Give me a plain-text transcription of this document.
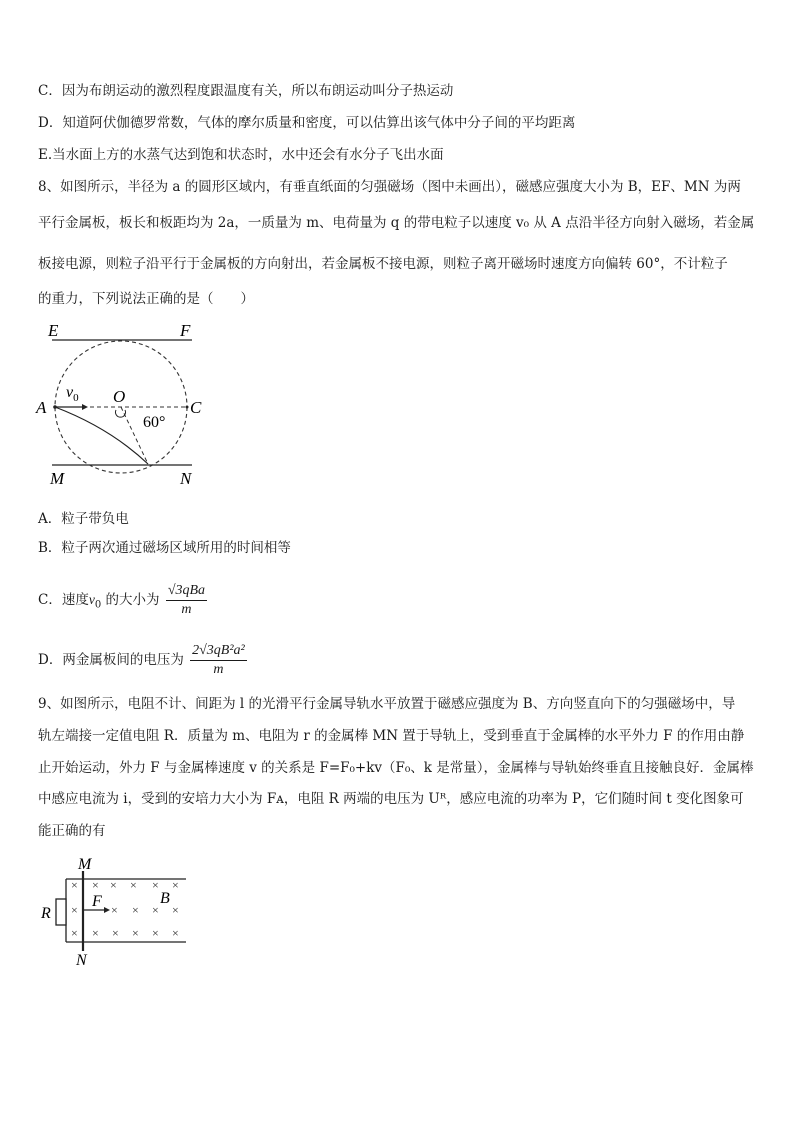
C．因为布朗运动的激烈程度跟温度有关，所以布朗运动叫分子热运动
D．知道阿伏伽德罗常数，气体的摩尔质量和密度，可以估算出该气体中分子间的平均距离
E.当水面上方的水蒸气达到饱和状态时，水中还会有水分子飞出水面
8、如图所示，半径为 a 的圆形区域内，有垂直纸面的匀强磁场（图中未画出），磁感应强度大小为 B，EF、MN 为两
平行金属板，板长和板距均为 2a，一质量为 m、电荷量为 q 的带电粒子以速度 v₀ 从 A 点沿半径方向射入磁场，若金属
板接电源，则粒子沿平行于金属板的方向射出，若金属板不接电源，则粒子离开磁场时速度方向偏转 60°，不计粒子
的重力，下列说法正确的是（　　）
E	F
A
O
C
$v_0$
60°
M	N
A．粒子带负电
B．粒子两次通过磁场区域所用的时间相等
C．速度$v_0$ 的大小为 $\frac{\text{√3qBa}}{m}$
D．两金属板间的电压为 $\frac{\text{2√3qB²a²}}{m}$
9、如图所示，电阻不计、间距为 l 的光滑平行金属导轨水平放置于磁感应强度为 B、方向竖直向下的匀强磁场中，导
轨左端接一定值电阻 R．质量为 m、电阻为 r 的金属棒 MN 置于导轨上，受到垂直于金属棒的水平外力 F 的作用由静
止开始运动，外力 F 与金属棒速度 v 的关系是 F=F₀+kv（F₀、k 是常量），金属棒与导轨始终垂直且接触良好．金属棒
中感应电流为 i，受到的安培力大小为 Fᴀ，电阻 R 两端的电压为 Uᴿ，感应电流的功率为 P，它们随时间 t 变化图象可
能正确的有
×
×
×
× × × × ×
× × × ×
× × × × ×
M
N
R
F	B
